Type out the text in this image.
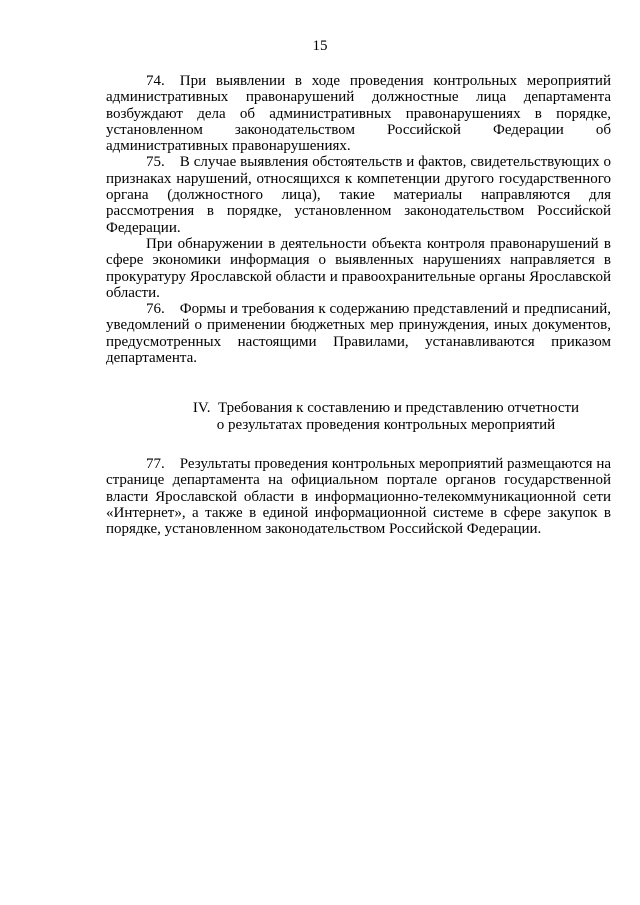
15

74. При выявлении в ходе проведения контрольных мероприятий административных правонарушений должностные лица департамента возбуждают дела об административных правонарушениях в порядке, установленном законодательством Российской Федерации об административных правонарушениях.

75. В случае выявления обстоятельств и фактов, свидетельствующих о признаках нарушений, относящихся к компетенции другого государственного органа (должностного лица), такие материалы направляются для рассмотрения в порядке, установленном законодательством Российской Федерации.

При обнаружении в деятельности объекта контроля правонарушений в сфере экономики информация о выявленных нарушениях направляется в прокуратуру Ярославской области и правоохранительные органы Ярославской области.

76. Формы и требования к содержанию представлений и предписаний, уведомлений о применении бюджетных мер принуждения, иных документов, предусмотренных настоящими Правилами, устанавливаются приказом департамента.

IV. Требования к составлению и представлению отчетности

о результатах проведения контрольных мероприятий

77. Результаты проведения контрольных мероприятий размещаются на странице департамента на официальном портале органов государственной власти Ярославской области в информационно-телекоммуникационной сети «Интернет», а также в единой информационной системе в сфере закупок в порядке, установленном законодательством Российской Федерации.
